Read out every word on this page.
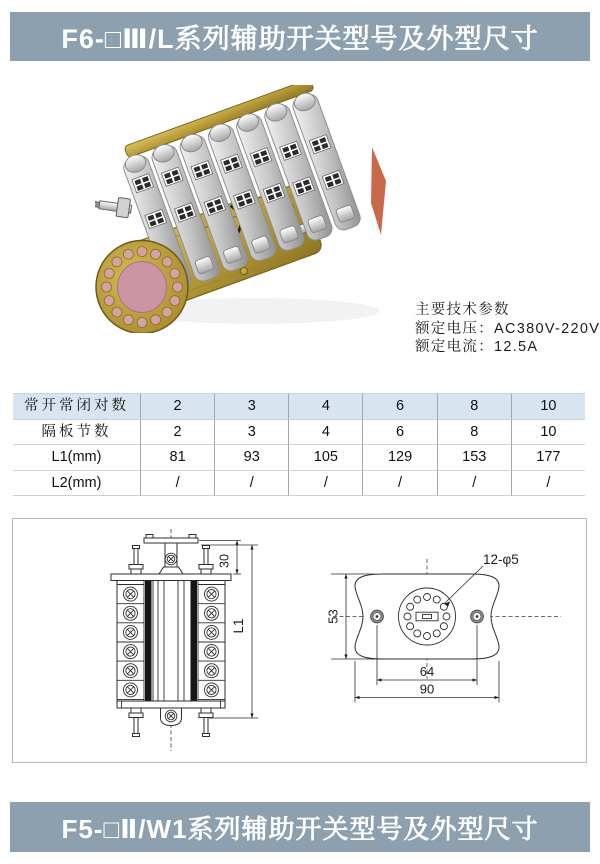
F6-□Ⅲ/L系列辅助开关型号及外型尺寸
主要技术参数
额定电压：AC380V-220V
额定电流：12.5A
常开常闭对数	2	3	4	6	8	10
隔板节数	2	3	4	6	8	10
L1(mm)	81	93	105	129	153	177
L2(mm)	/	/	/	/	/	/
30
L1
12-φ5
53
64
90
F5-□Ⅱ/W1系列辅助开关型号及外型尺寸
